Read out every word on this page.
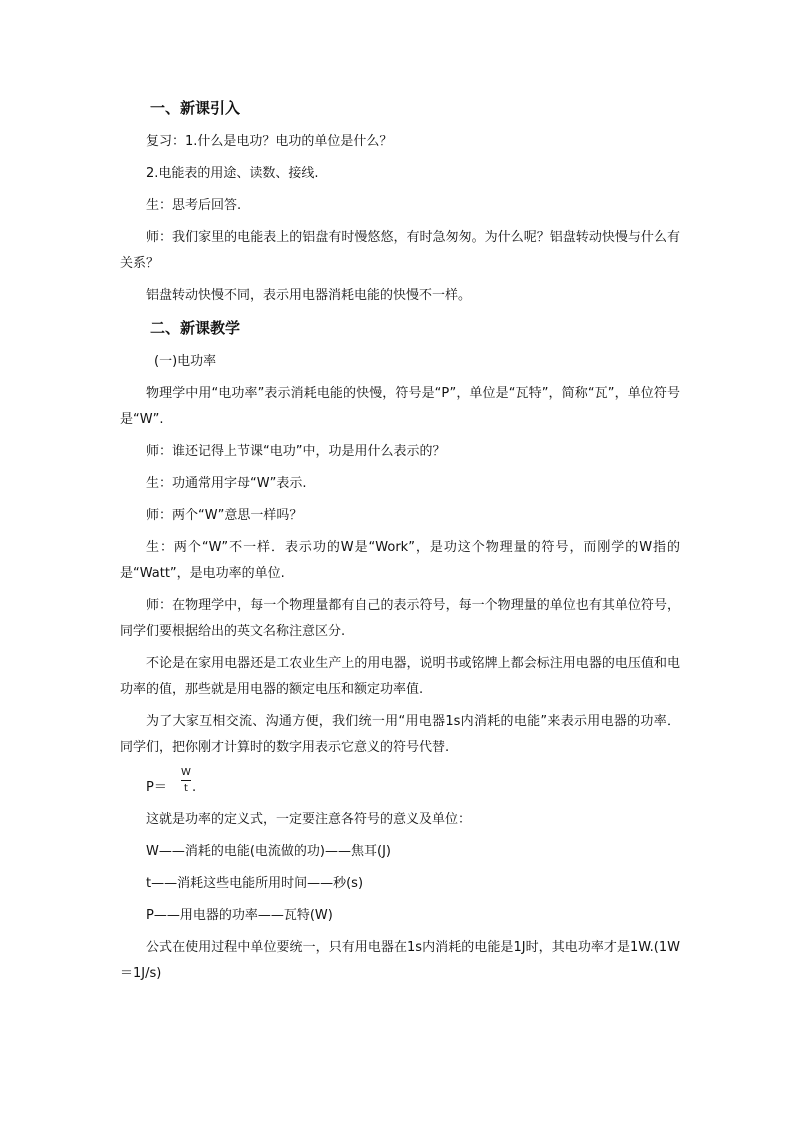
一、新课引入
复习：1.什么是电功？电功的单位是什么？
2.电能表的用途、读数、接线.
生：思考后回答.
师：我们家里的电能表上的铝盘有时慢悠悠，有时急匆匆。为什么呢？铝盘转动快慢与什么有关系？
铝盘转动快慢不同，表示用电器消耗电能的快慢不一样。
二、新课教学
(一)电功率
物理学中用“电功率”表示消耗电能的快慢，符号是“P”，单位是“瓦特”，简称“瓦”，单位符号是“W”.
师：谁还记得上节课“电功”中，功是用什么表示的？
生：功通常用字母“W”表示.
师：两个“W”意思一样吗？
生：两个“W”不一样．表示功的W是“Work”，是功这个物理量的符号，而刚学的W指的是“Watt”，是电功率的单位.
师：在物理学中，每一个物理量都有自己的表示符号，每一个物理量的单位也有其单位符号，同学们要根据给出的英文名称注意区分.
不论是在家用电器还是工农业生产上的用电器，说明书或铭牌上都会标注用电器的电压值和电功率的值，那些就是用电器的额定电压和额定功率值.
为了大家互相交流、沟通方便，我们统一用“用电器1s内消耗的电能”来表示用电器的功率．同学们，把你刚才计算时的数字用表示它意义的符号代替.
$P= \frac{W}{t}$ .
这就是功率的定义式，一定要注意各符号的意义及单位：
W——消耗的电能(电流做的功)——焦耳(J)
t——消耗这些电能所用时间——秒(s)
P——用电器的功率——瓦特(W)
公式在使用过程中单位要统一，只有用电器在1s内消耗的电能是1J时，其电功率才是1W.(1W＝1J/s)
